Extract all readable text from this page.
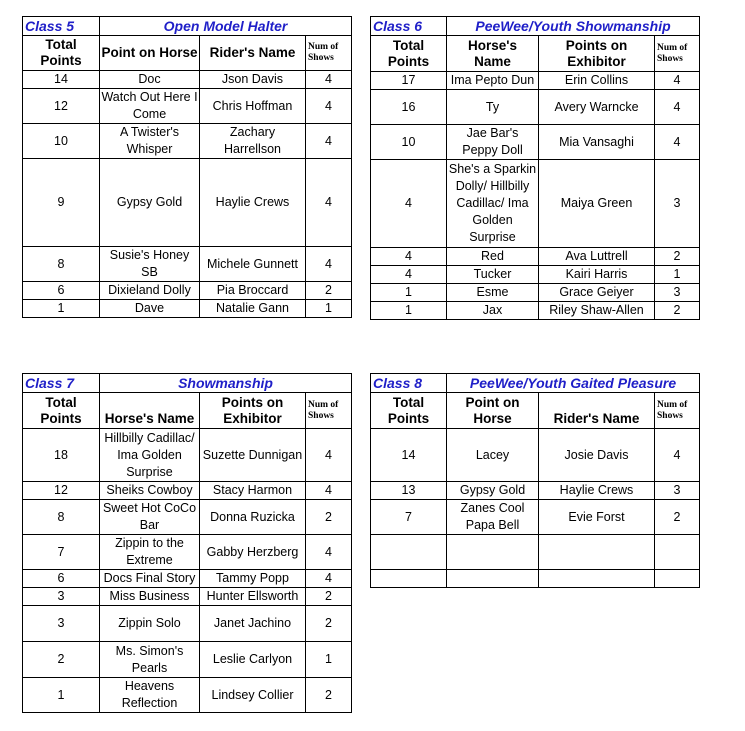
Class 5	Open Model Halter		
Total Points	Point on Horse	Rider's Name	Num of Shows
14	Doc	Json Davis	4
12	Watch Out Here I Come	Chris Hoffman	4
10	A Twister's Whisper	Zachary Harrellson	4
9	Gypsy Gold	Haylie Crews	4
8	Susie's Honey SB	Michele Gunnett	4
6	Dixieland Dolly	Pia Broccard	2
1	Dave	Natalie Gann	1
Class 6	PeeWee/Youth Showmanship		
Total Points	Horse's Name	Points on Exhibitor	Num of Shows
17	Ima Pepto Dun	Erin Collins	4
16	Ty	Avery Warncke	4
10	Jae Bar's Peppy Doll	Mia Vansaghi	4
4	She's a Sparkin Dolly/ Hillbilly Cadillac/ Ima Golden Surprise	Maiya Green	3
4	Red	Ava Luttrell	2
4	Tucker	Kairi Harris	1
1	Esme	Grace Geiyer	3
1	Jax	Riley Shaw-Allen	2
Class 7	Showmanship		
Total Points	Horse's Name	Points on Exhibitor	Num of Shows
18	Hillbilly Cadillac/ Ima Golden Surprise	Suzette Dunnigan	4
12	Sheiks Cowboy	Stacy Harmon	4
8	Sweet Hot CoCo Bar	Donna Ruzicka	2
7	Zippin to the Extreme	Gabby Herzberg	4
6	Docs Final Story	Tammy Popp	4
3	Miss Business	Hunter Ellsworth	2
3	Zippin Solo	Janet Jachino	2
2	Ms. Simon's Pearls	Leslie Carlyon	1
1	Heavens Reflection	Lindsey Collier	2
Class 8	PeeWee/Youth Gaited Pleasure		
Total Points	Point on Horse	Rider's Name	Num of Shows
14	Lacey	Josie Davis	4
13	Gypsy Gold	Haylie Crews	3
7	Zanes Cool Papa Bell	Evie Forst	2
